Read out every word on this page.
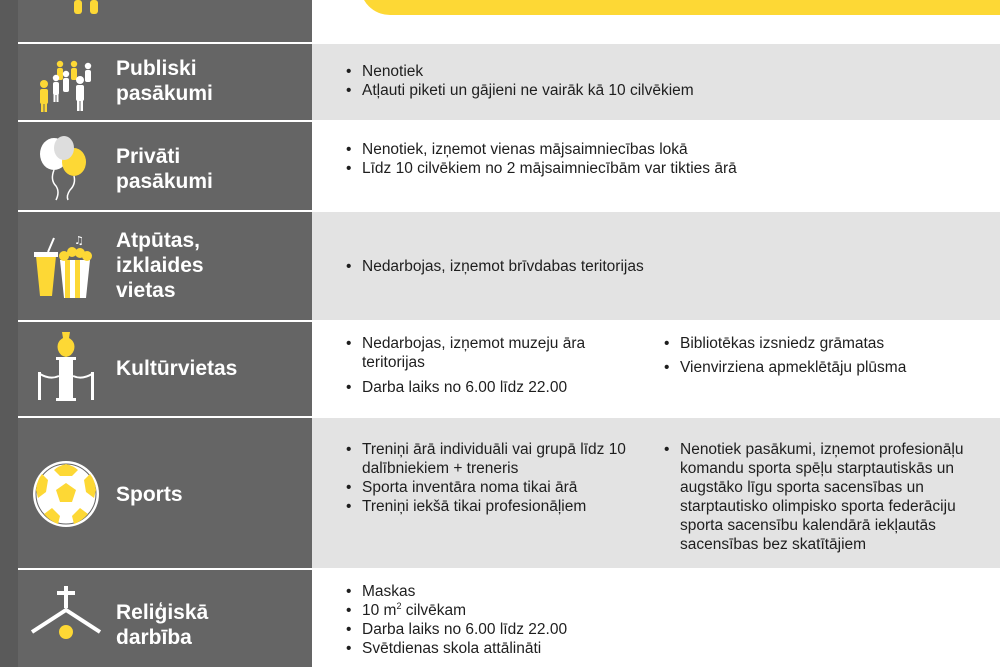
Publiski
pasākumi
• Nenotiek
• Atļauti piketi un gājieni ne vairāk kā 10 cilvēkiem
Privāti
pasākumi
• Nenotiek, izņemot vienas mājsaimniecības lokā
• Līdz 10 cilvēkiem no 2 mājsaimniecībām var tikties ārā
♫ Atpūtas,
izklaides
vietas
• Nedarbojas, izņemot brīvdabas teritorijas
Kultūrvietas
• Nedarbojas, izņemot muzeju āra teritorijas
• Darba laiks no 6.00 līdz 22.00
• Bibliotēkas izsniedz grāmatas
• Vienvirziena apmeklētāju plūsma
Sports
• Treniņi ārā individuāli vai grupā līdz 10 dalībniekiem + treneris
• Sporta inventāra noma tikai ārā
• Treniņi iekšā tikai profesionāļiem
• Nenotiek pasākumi, izņemot profesionāļu komandu sporta spēļu starptautiskās un augstāko līgu sporta sacensības un starptautisko olimpisko sporta federāciju sporta sacensību kalendārā iekļautās sacensības bez skatītājiem
Reliģiskā
darbība
• Maskas
• 10 $m^2$ cilvēkam
• Darba laiks no 6.00 līdz 22.00
• Svētdienas skola attālināti
